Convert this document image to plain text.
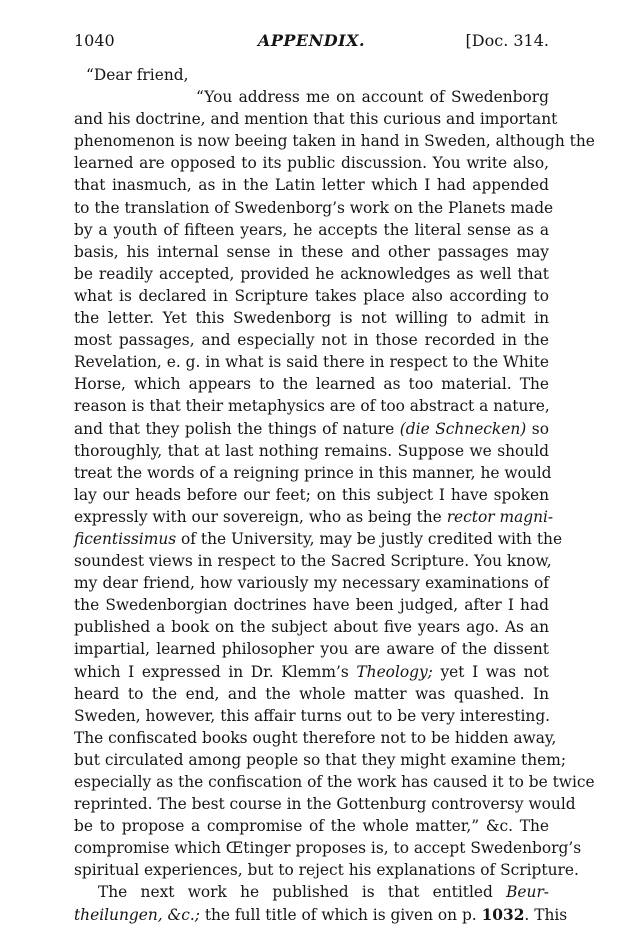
1040	APPENDIX.	[Doc. 314.
“Dear friend,
“You address me on account of Swedenborg
and his doctrine, and mention that this curious and important
phenomenon is now beeing taken in hand in Sweden, although the
learned are opposed to its public discussion. You write also,
that inasmuch, as in the Latin letter which I had appended
to the translation of Swedenborg’s work on the Planets made
by a youth of fifteen years, he accepts the literal sense as a
basis, his internal sense in these and other passages may
be readily accepted, provided he acknowledges as well that
what is declared in Scripture takes place also according to
the letter. Yet this Swedenborg is not willing to admit in
most passages, and especially not in those recorded in the
Revelation, e. g. in what is said there in respect to the White
Horse, which appears to the learned as too material. The
reason is that their metaphysics are of too abstract a nature,
and that they polish the things of nature (die Schnecken) so
thoroughly, that at last nothing remains. Suppose we should
treat the words of a reigning prince in this manner, he would
lay our heads before our feet; on this subject I have spoken
expressly with our sovereign, who as being the rector magni-
ficentissimus of the University, may be justly credited with the
soundest views in respect to the Sacred Scripture. You know,
my dear friend, how variously my necessary examinations of
the Swedenborgian doctrines have been judged, after I had
published a book on the subject about five years ago. As an
impartial, learned philosopher you are aware of the dissent
which I expressed in Dr. Klemm’s Theology; yet I was not
heard to the end, and the whole matter was quashed. In
Sweden, however, this affair turns out to be very interesting.
The confiscated books ought therefore not to be hidden away,
but circulated among people so that they might examine them;
especially as the confiscation of the work has caused it to be twice
reprinted. The best course in the Gottenburg controversy would
be to propose a compromise of the whole matter,” &c. The
compromise which Œtinger proposes is, to accept Swedenborg’s
spiritual experiences, but to reject his explanations of Scripture.
The next work he published is that entitled Beur-
theilungen, &c.; the full title of which is given on p. 1032. This
